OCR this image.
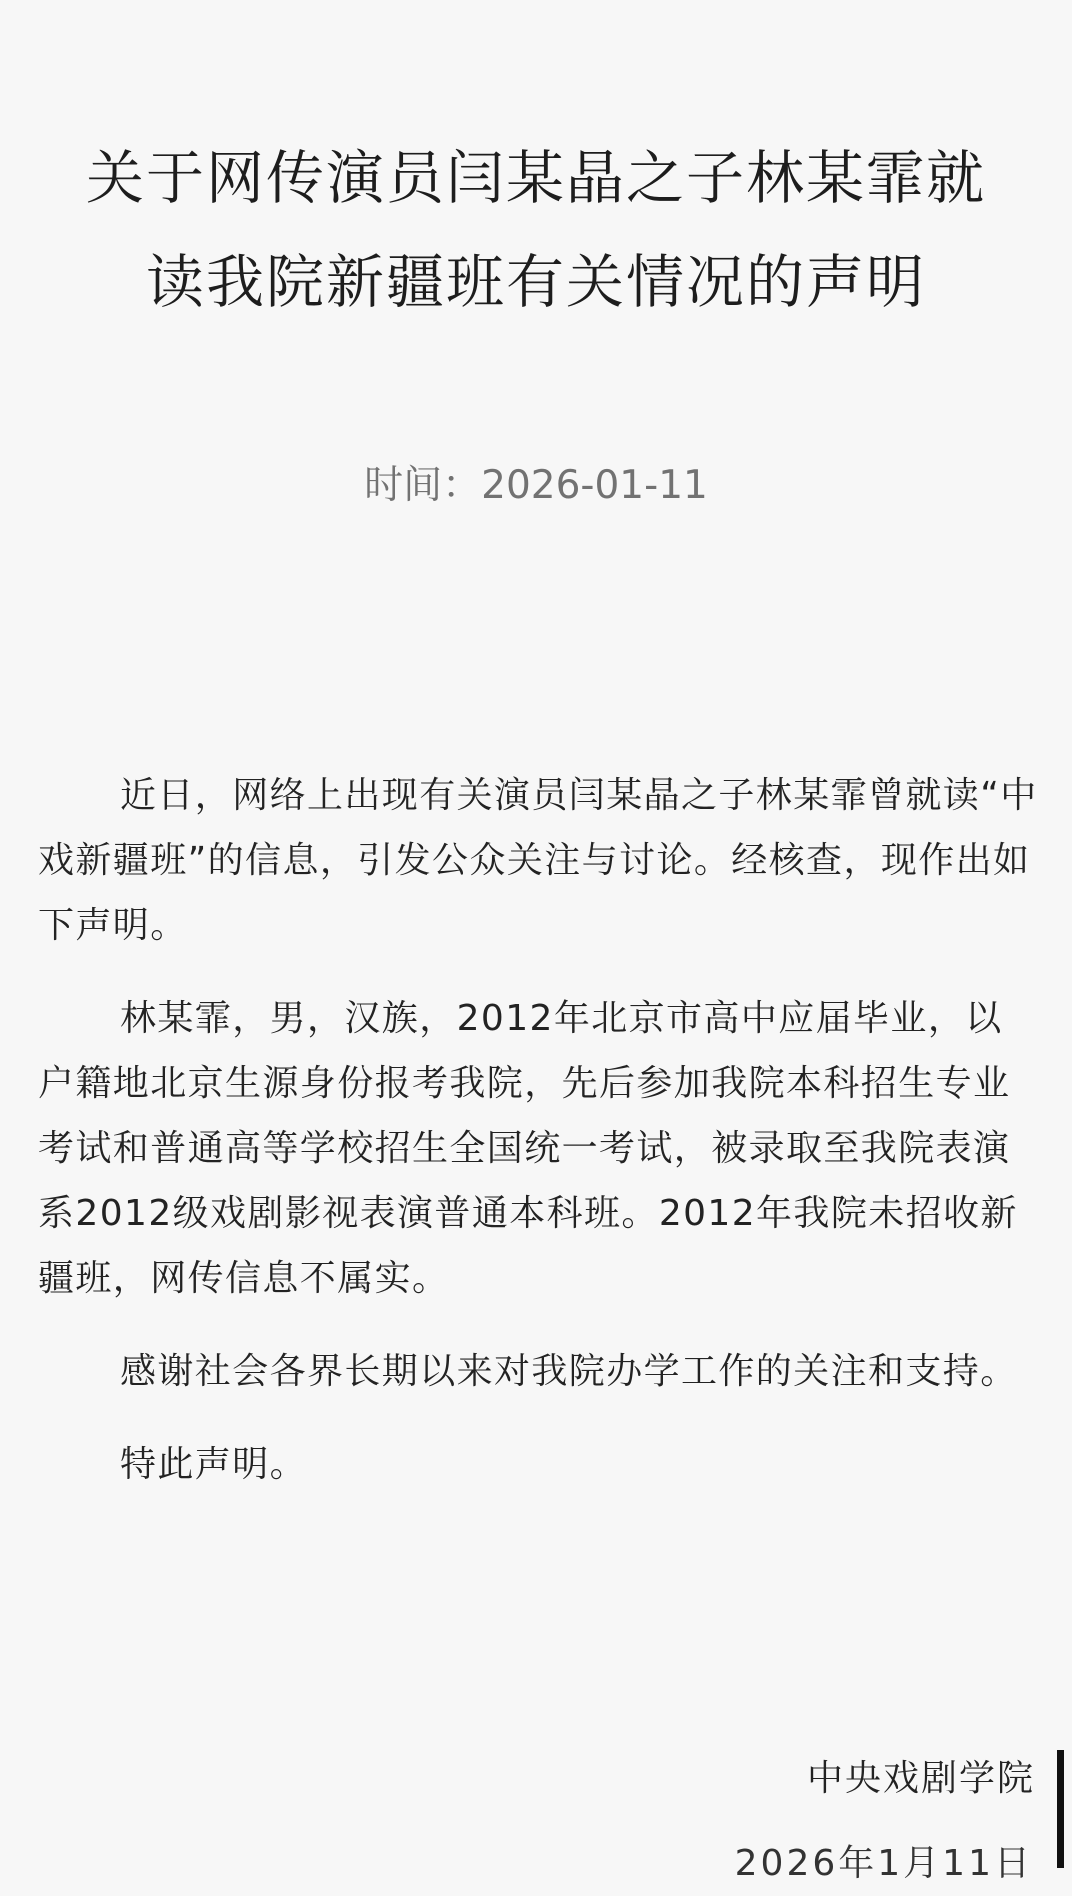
关于网传演员闫某晶之子林某霏就读我院新疆班有关情况的声明
时间：2026-01-11

近日，网络上出现有关演员闫某晶之子林某霏曾就读“中戏新疆班”的信息，引发公众关注与讨论。经核查，现作出如下声明。

林某霏，男，汉族，2012年北京市高中应届毕业，以户籍地北京生源身份报考我院，先后参加我院本科招生专业考试和普通高等学校招生全国统一考试，被录取至我院表演系2012级戏剧影视表演普通本科班。2012年我院未招收新疆班，网传信息不属实。

感谢社会各界长期以来对我院办学工作的关注和支持。

特此声明。

中央戏剧学院
2026年1月11日
